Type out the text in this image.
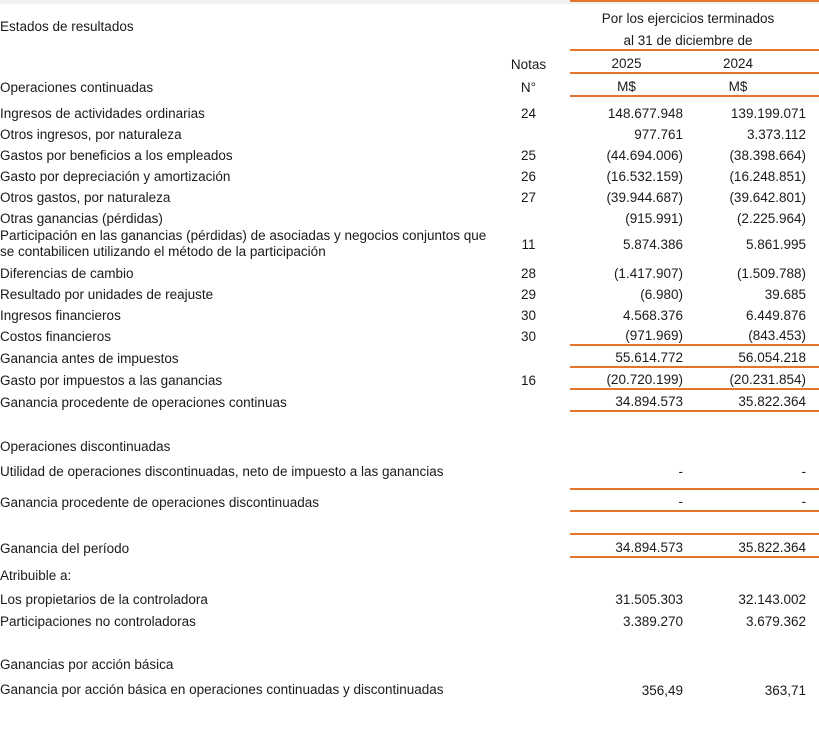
Estados de resultados		Por los ejercicios terminados		
		al 31 de diciembre de		

	Notas	2025	2024	

Operaciones continuadas	N°	M$	M$	

Ingresos de actividades ordinarias	24	148.677.948	139.199.071	
Otros ingresos, por naturaleza		977.761	3.373.112	
Gastos por beneficios a los empleados	25	(44.694.006)	(38.398.664)	
Gasto por depreciación y amortización	26	(16.532.159)	(16.248.851)	
Otros gastos, por naturaleza	27	(39.944.687)	(39.642.801)	
Otras ganancias (pérdidas)		(915.991)	(2.225.964)	
Participación en las ganancias (pérdidas) de asociadas y negocios conjuntos que se contabilicen utilizando el método de la participación	11	5.874.386	5.861.995	
Diferencias de cambio	28	(1.417.907)	(1.509.788)	
Resultado por unidades de reajuste	29	(6.980)	39.685	
Ingresos financieros	30	4.568.376	6.449.876	
Costos financieros	30	(971.969)	(843.453)	

Ganancia antes de impuestos		55.614.772	56.054.218	

Gasto por impuestos a las ganancias	16	(20.720.199)	(20.231.854)	

Ganancia procedente de operaciones continuas		34.894.573	35.822.364	

Operaciones discontinuadas				
Utilidad de operaciones discontinuadas, neto de impuesto a las ganancias		-	-	

Ganancia procedente de operaciones discontinuadas		-	-	

Ganancia del período		34.894.573	35.822.364	

Atribuible a:				
Los propietarios de la controladora		31.505.303	32.143.002	
Participaciones no controladoras		3.389.270	3.679.362	

Ganancias por acción básica				
Ganancia por acción básica en operaciones continuadas y discontinuadas		356,49	363,71	
